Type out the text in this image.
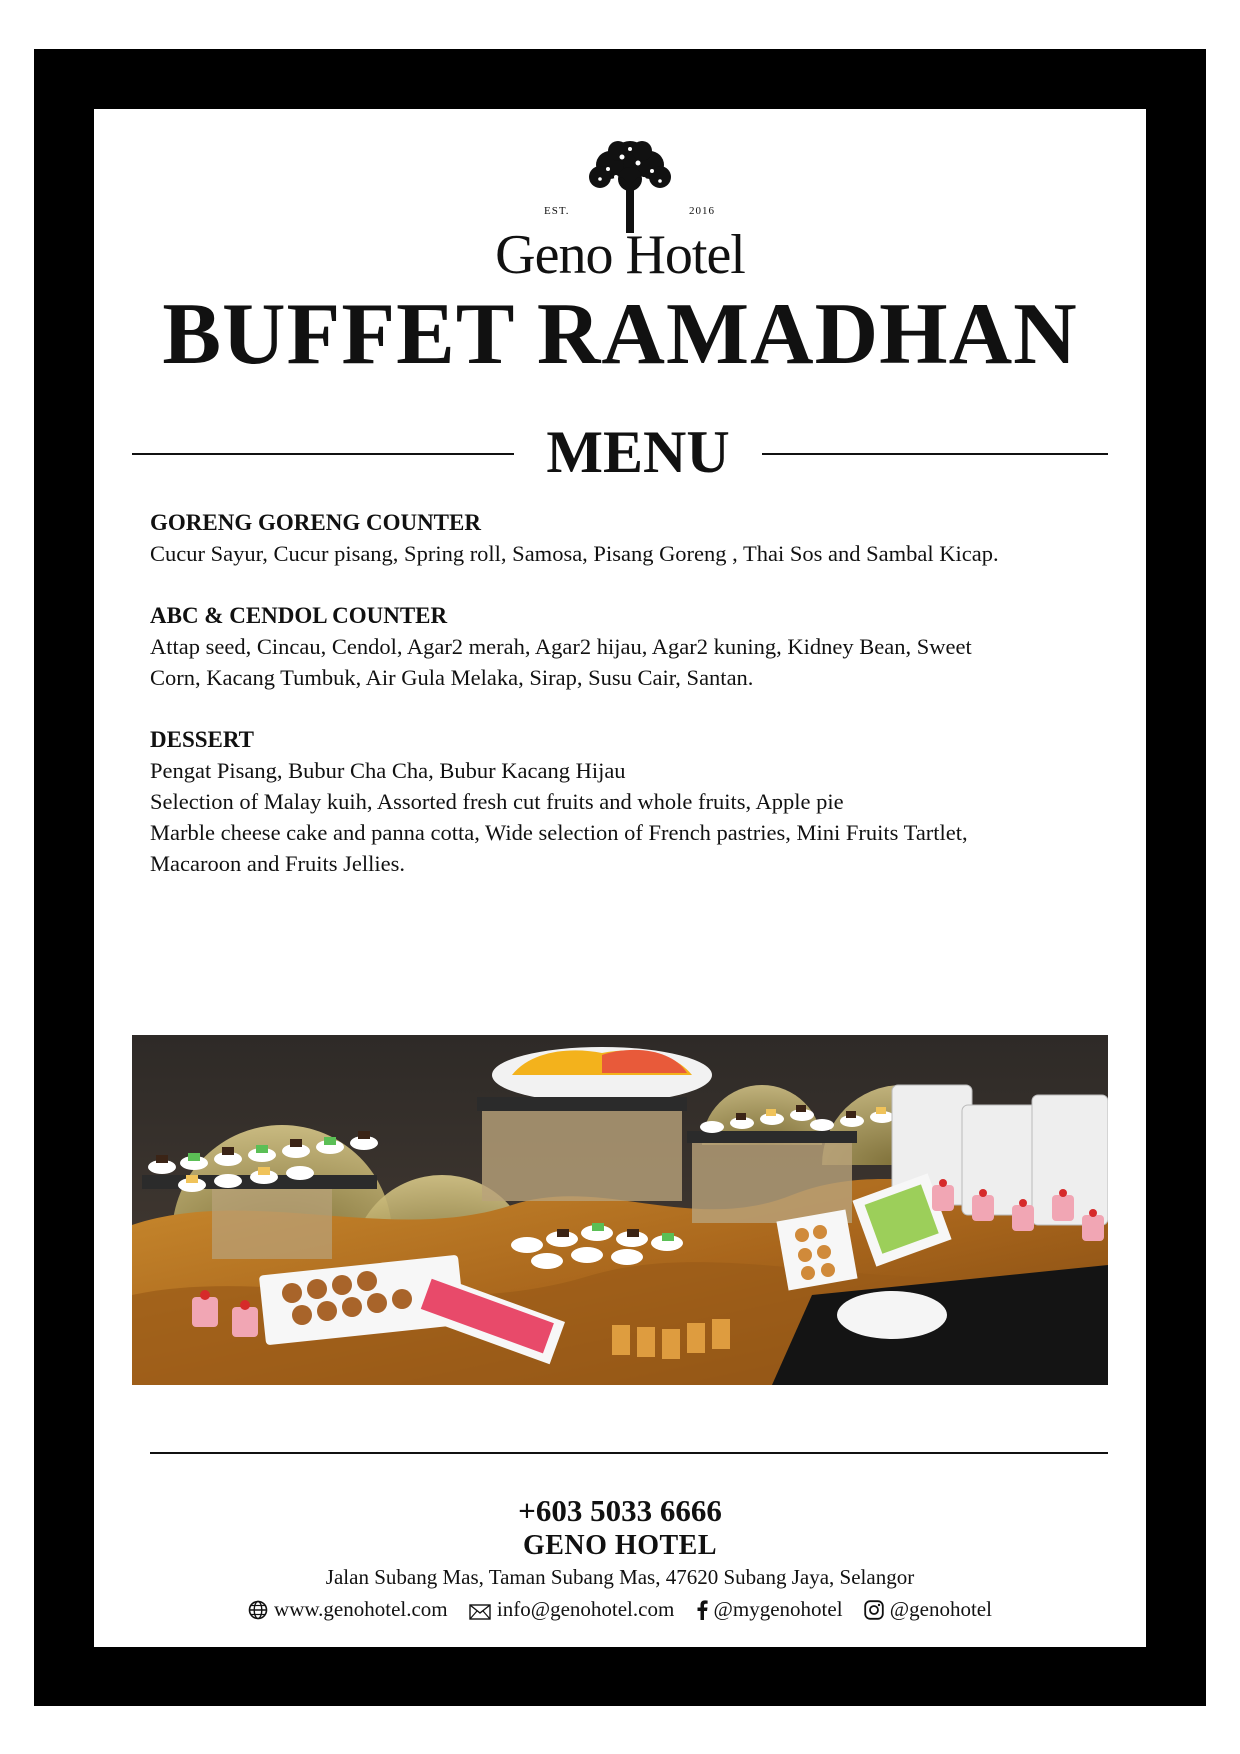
EST.	2016
Geno Hotel
BUFFET RAMADHAN
MENU
GORENG GORENG COUNTER
Cucur Sayur, Cucur pisang, Spring roll, Samosa, Pisang Goreng , Thai Sos and Sambal Kicap.
ABC & CENDOL COUNTER
Attap seed, Cincau, Cendol, Agar2 merah, Agar2 hijau, Agar2 kuning, Kidney Bean, Sweet
Corn, Kacang Tumbuk, Air Gula Melaka, Sirap, Susu Cair, Santan.
DESSERT
Pengat Pisang, Bubur Cha Cha, Bubur Kacang Hijau
Selection of Malay kuih, Assorted fresh cut fruits and whole fruits, Apple pie
Marble cheese cake and panna cotta, Wide selection of French pastries, Mini Fruits Tartlet,
Macaroon and Fruits Jellies.
+603 5033 6666
GENO HOTEL
Jalan Subang Mas, Taman Subang Mas, 47620 Subang Jaya, Selangor
www.genohotel.com info@genohotel.com @mygenohotel @genohotel
